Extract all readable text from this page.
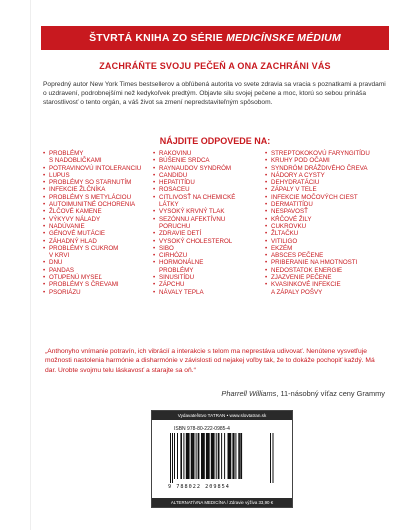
ŠTVRTÁ KNIHA ZO SÉRIE MEDICÍNSKE MÉDIUM
ZACHRÁŇTE SVOJU PEČEŇ A ONA ZACHRÁNI VÁS

Popredný autor New York Times bestsellerov a obľúbená autorita vo svete zdravia sa vracia s poznatkami a pravdami o uzdravení, podrobnejšími než kedykoľvek predtým. Objavte silu svojej pečene a moc, ktorú so sebou prináša starostlivosť o tento orgán, a váš život sa zmení nepredstaviteľným spôsobom.

NÁJDITE ODPOVEDE NA:
• PROBLÉMY
S NADOBLIČKAMI
• POTRAVINOVÚ INTOLERANCIU
• LUPUS
• PROBLÉMY SO STARNUTÍM
• INFEKCIE ŽLČNÍKA
• PROBLÉMY S METYLÁCIOU
• AUTOIMUNITNÉ OCHORENIA
• ŽLČOVÉ KAMENE
• VÝKYVY NÁLADY
• NADÚVANIE
• GÉNOVÉ MUTÁCIE
• ZÁHADNÝ HLAD
• PROBLÉMY S CUKROM
V KRVI
• DNU
• PANDAS
• OTUPENÚ MYSEĽ
• PROBLÉMY S ČREVAMI
• PSORIÁZU
• RAKOVINU
• BÚŠENIE SRDCA
• RAYNAUDOV SYNDRÓM
• CANDIDU
• HEPATITÍDU
• ROSACEU
• CITLIVOSŤ NA CHEMICKÉ
LÁTKY
• VYSOKÝ KRVNÝ TLAK
• SEZÓNNU AFEKTÍVNU
PORUCHU
• ZDRAVIE DETÍ
• VYSOKÝ CHOLESTEROL
• SIBO
• CIRHÓZU
• HORMONÁLNE
PROBLÉMY
• SINUSITÍDU
• ZÁPCHU
• NÁVALY TEPLA
• STREPTOKOKOVÚ FARYNGITÍDU
• KRUHY POD OČAMI
• SYNDRÓM DRÁŽDIVÉHO ČREVA
• NÁDORY A CYSTY
• DEHYDRATÁCIU
• ZÁPALY V TELE
• INFEKCIE MOČOVÝCH CIEST
• DERMATITÍDU
• NESPAVOSŤ
• KŔČOVÉ ŽILY
• CUKROVKU
• ŽLTAČKU
• VITILIGO
• EKZÉM
• ABSCES PEČENE
• PRIBERANIE NA HMOTNOSTI
• NEDOSTATOK ENERGIE
• ZJAZVENIE PEČENE
• KVASINKOVÉ INFEKCIE
A ZÁPALY POŠVY

„Anthonyho vnímanie potravín, ich vibrácií a interakcie s telom ma neprestáva udivovať. Nenútene vysvetľuje možnosti nastolenia harmónie a disharmónie v závislosti od nejakej voľby tak, že to dokáže pochopiť každý. Má dar. Urobte svojmu telu láskavosť a starajte sa oň.“

Pharrell Williams, 11-násobný víťaz ceny Grammy
Vydavateľstvo TATRAN • www.slovtatran.sk
ISBN 978-80-222-0985-4
9 788022 209854
ALTERNATÍVNA MEDICÍNA / Zdravie výživa 33,90 €
